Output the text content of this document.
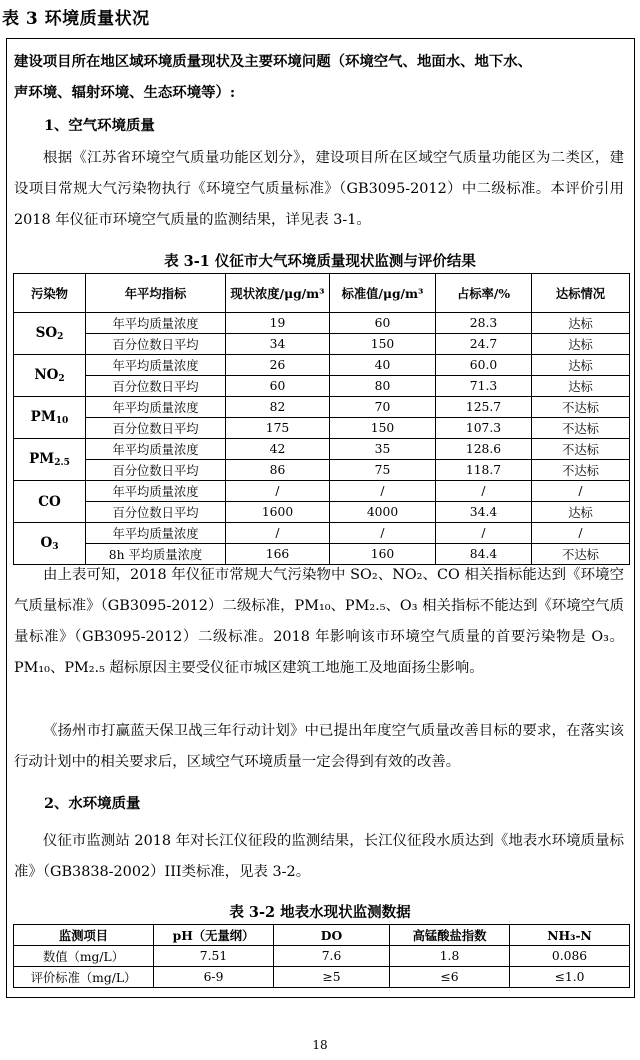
表 3 环境质量状况
建设项目所在地区域环境质量现状及主要环境问题（环境空气、地面水、地下水、
声环境、辐射环境、生态环境等）:
1、空气环境质量
根据《江苏省环境空气质量功能区划分》，建设项目所在区域空气质量功能区为二类区，建设项目常规大气污染物执行《环境空气质量标准》（GB3095-2012）中二级标准。本评价引用 2018 年仪征市环境空气质量的监测结果，详见表 3-1。
表 3-1 仪征市大气环境质量现状监测与评价结果
污染物	年平均指标	现状浓度/μg/m³	标准值/μg/m³	占标率/%	达标情况
$SO_2$	年平均质量浓度	19	60	28.3	达标
	百分位数日平均	34	150	24.7	达标
$NO_2$	年平均质量浓度	26	40	60.0	达标
	百分位数日平均	60	80	71.3	达标
$PM_{10}$	年平均质量浓度	82	70	125.7	不达标
	百分位数日平均	175	150	107.3	不达标
$PM_{2.5}$	年平均质量浓度	42	35	128.6	不达标
	百分位数日平均	86	75	118.7	不达标
CO	年平均质量浓度	/	/	/	/
	百分位数日平均	1600	4000	34.4	达标
$O_3$	年平均质量浓度	/	/	/	/
	8h 平均质量浓度	166	160	84.4	不达标
由上表可知，2018 年仪征市常规大气污染物中 SO₂、NO₂、CO 相关指标能达到《环境空气质量标准》（GB3095-2012）二级标准，PM₁₀、PM₂.₅、O₃ 相关指标不能达到《环境空气质量标准》（GB3095-2012）二级标准。2018 年影响该市环境空气质量的首要污染物是 O₃。PM₁₀、PM₂.₅ 超标原因主要受仪征市城区建筑工地施工及地面扬尘影响。
《扬州市打赢蓝天保卫战三年行动计划》中已提出年度空气质量改善目标的要求，在落实该行动计划中的相关要求后，区域空气环境质量一定会得到有效的改善。
2、水环境质量
仪征市监测站 2018 年对长江仪征段的监测结果，长江仪征段水质达到《地表水环境质量标准》（GB3838-2002）III类标准，见表 3-2。
表 3-2 地表水现状监测数据
监测项目	pH（无量纲）	DO	高锰酸盐指数	NH₃-N
数值（mg/L）	7.51	7.6	1.8	0.086
评价标准（mg/L）	6-9	≥5	≤6	≤1.0
18
